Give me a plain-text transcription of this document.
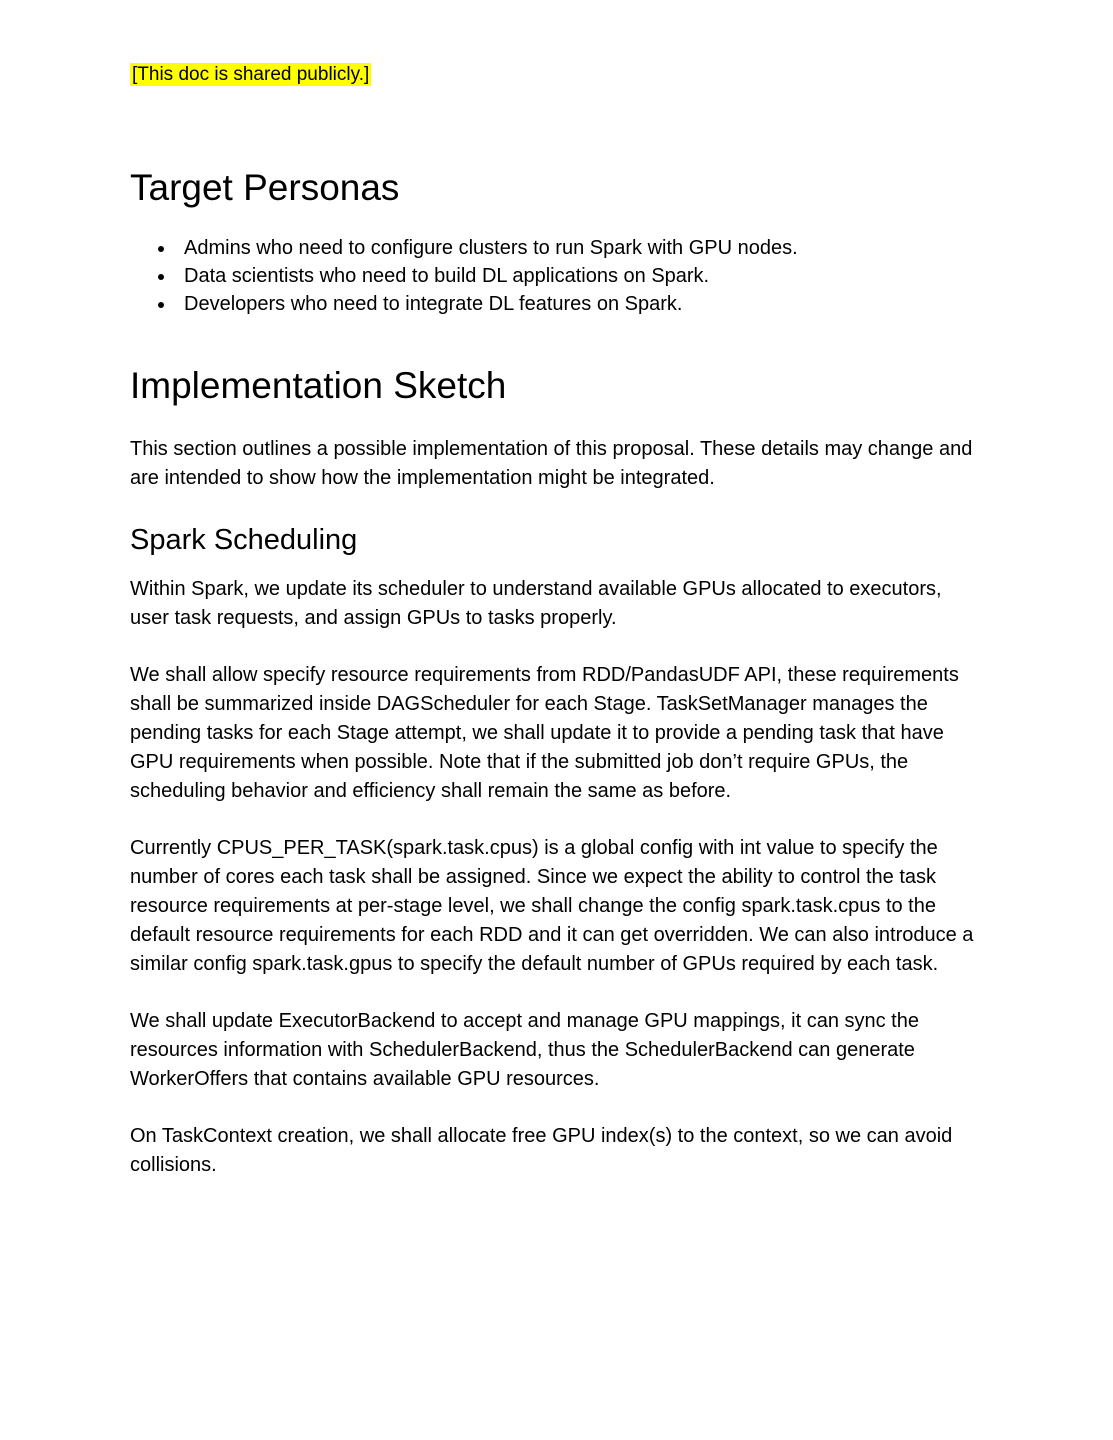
[This doc is shared publicly.]
Target Personas
• Admins who need to configure clusters to run Spark with GPU nodes.
• Data scientists who need to build DL applications on Spark.
• Developers who need to integrate DL features on Spark.
Implementation Sketch

This section outlines a possible implementation of this proposal. These details may change and are intended to show how the implementation might be integrated.

Spark Scheduling

Within Spark, we update its scheduler to understand available GPUs allocated to executors, user task requests, and assign GPUs to tasks properly.

We shall allow specify resource requirements from RDD/PandasUDF API, these requirements shall be summarized inside DAGScheduler for each Stage. TaskSetManager manages the pending tasks for each Stage attempt, we shall update it to provide a pending task that have GPU requirements when possible. Note that if the submitted job don’t require GPUs, the scheduling behavior and efficiency shall remain the same as before.

Currently CPUS_PER_TASK(spark.task.cpus) is a global config with int value to specify the number of cores each task shall be assigned. Since we expect the ability to control the task resource requirements at per-stage level, we shall change the config spark.task.cpus to the default resource requirements for each RDD and it can get overridden. We can also introduce a similar config spark.task.gpus to specify the default number of GPUs required by each task.

We shall update ExecutorBackend to accept and manage GPU mappings, it can sync the resources information with SchedulerBackend, thus the SchedulerBackend can generate WorkerOffers that contains available GPU resources.

On TaskContext creation, we shall allocate free GPU index(s) to the context, so we can avoid collisions.
